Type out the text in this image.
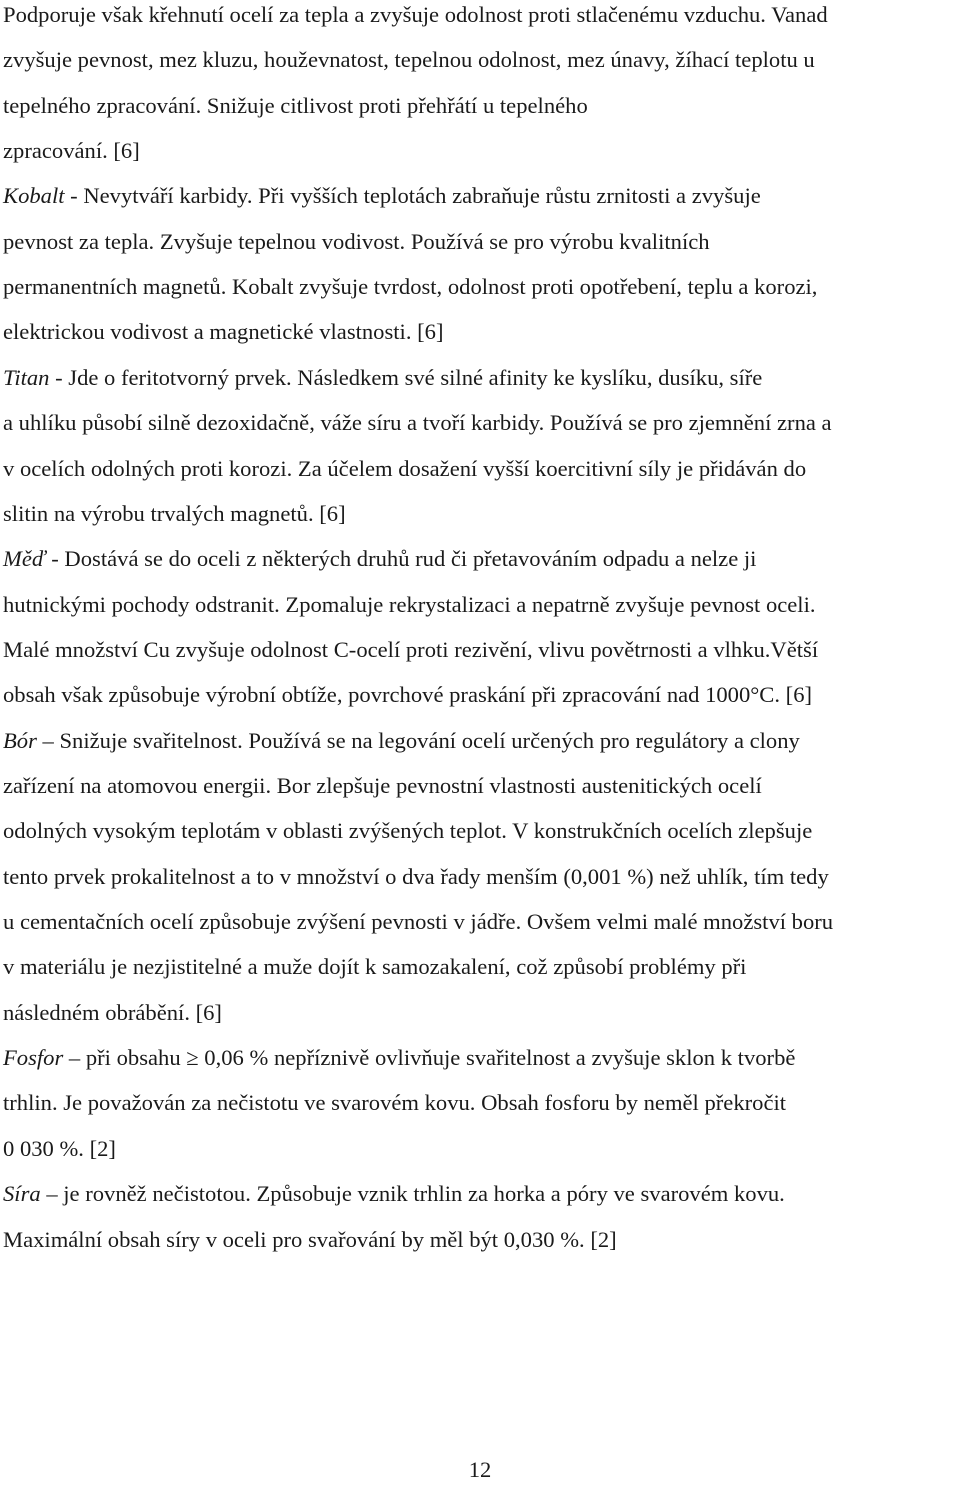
Podporuje však křehnutí ocelí za tepla a zvyšuje odolnost proti stlačenému vzduchu. Vanad
zvyšuje pevnost, mez kluzu, houževnatost, tepelnou odolnost, mez únavy, žíhací teplotu u
tepelného zpracování. Snižuje citlivost proti přehřátí u tepelného
zpracování. [6]
Kobalt - Nevytváří karbidy. Při vyšších teplotách zabraňuje růstu zrnitosti a zvyšuje
pevnost za tepla. Zvyšuje tepelnou vodivost. Používá se pro výrobu kvalitních
permanentních magnetů. Kobalt zvyšuje tvrdost, odolnost proti opotřebení, teplu a korozi,
elektrickou vodivost a magnetické vlastnosti. [6]
Titan - Jde o feritotvorný prvek. Následkem své silné afinity ke kyslíku, dusíku, síře
a uhlíku působí silně dezoxidačně, váže síru a tvoří karbidy. Používá se pro zjemnění zrna a
v ocelích odolných proti korozi. Za účelem dosažení vyšší koercitivní síly je přidáván do
slitin na výrobu trvalých magnetů. [6]
Měď - Dostává se do oceli z některých druhů rud či přetavováním odpadu a nelze ji
hutnickými pochody odstranit. Zpomaluje rekrystalizaci a nepatrně zvyšuje pevnost oceli.
Malé množství Cu zvyšuje odolnost C-ocelí proti rezivění, vlivu povětrnosti a vlhku.Větší
obsah však způsobuje výrobní obtíže, povrchové praskání při zpracování nad 1000°C. [6]
Bór – Snižuje svařitelnost. Používá se na legování ocelí určených pro regulátory a clony
zařízení na atomovou energii. Bor zlepšuje pevnostní vlastnosti austenitických ocelí
odolných vysokým teplotám v oblasti zvýšených teplot. V konstrukčních ocelích zlepšuje
tento prvek prokalitelnost a to v množství o dva řady menším (0,001 %) než uhlík, tím tedy
u cementačních ocelí způsobuje zvýšení pevnosti v jádře. Ovšem velmi malé množství boru
v materiálu je nezjistitelné a muže dojít k samozakalení, což způsobí problémy při
následném obrábění. [6]
Fosfor – při obsahu ≥ 0,06 % nepříznivě ovlivňuje svařitelnost a zvyšuje sklon k tvorbě
trhlin. Je považován za nečistotu ve svarovém kovu. Obsah fosforu by neměl překročit
0 030 %. [2]
Síra – je rovněž nečistotou. Způsobuje vznik trhlin za horka a póry ve svarovém kovu.
Maximální obsah síry v oceli pro svařování by měl být 0,030 %. [2]
12
